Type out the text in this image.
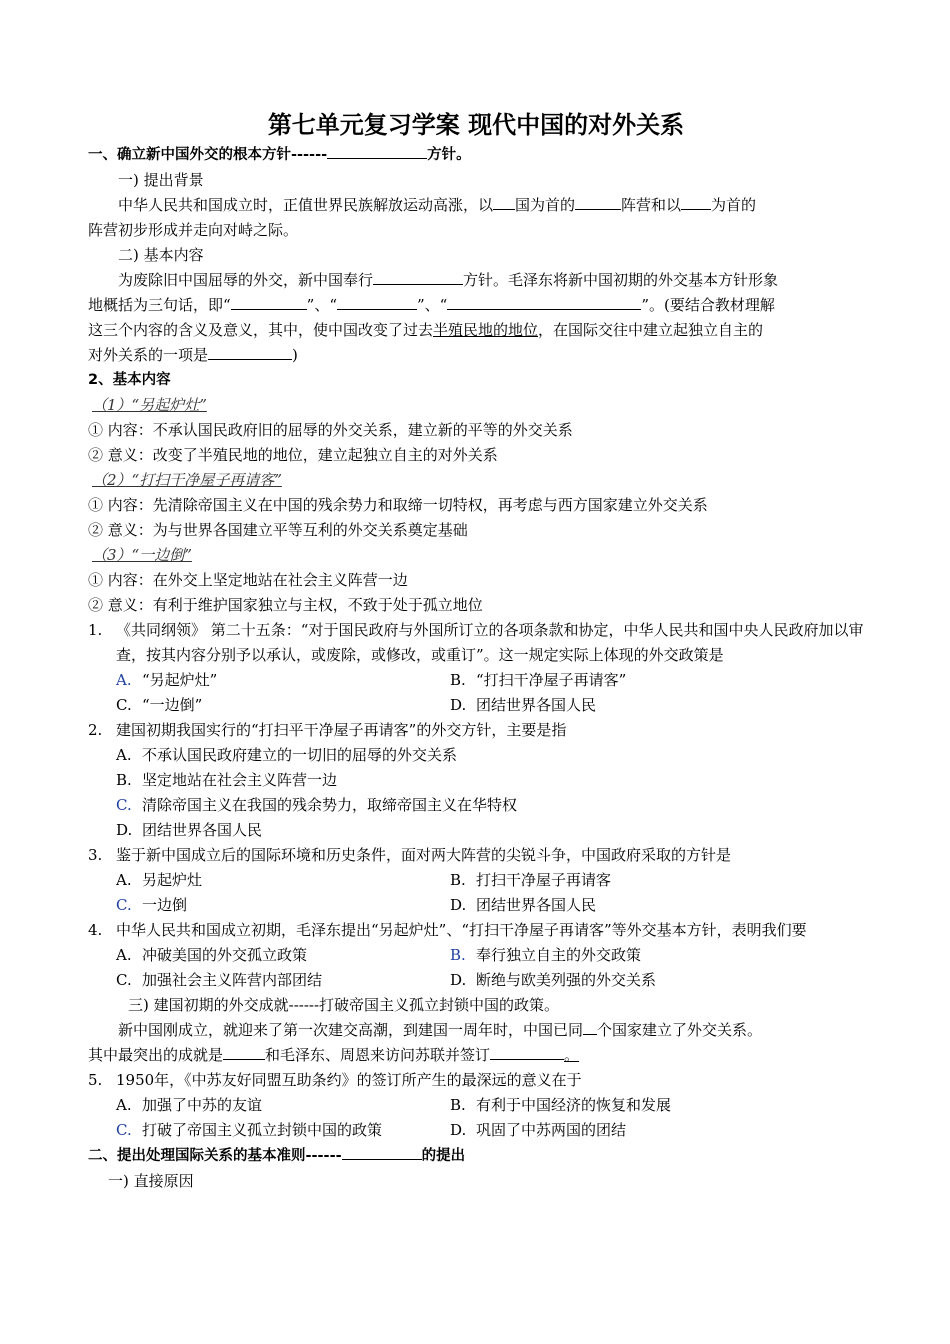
第七单元复习学案 现代中国的对外关系
一、确立新中国外交的根本方针------	方针。
一) 提出背景
中华人民共和国成立时，正值世界民族解放运动高涨，以 国为首的	阵营和以 为首的
阵营初步形成并走向对峙之际。
二) 基本内容
为废除旧中国屈辱的外交，新中国奉行	方针。毛泽东将新中国初期的外交基本方针形象
地概括为三句话，即“	”、“	”、“	”。(要结合教材理解
这三个内容的含义及意义，其中，使中国改变了过去半殖民地的地位，在国际交往中建立起独立自主的
对外关系的一项是	)
2、基本内容
（1）“另起炉灶”
① 内容：不承认国民政府旧的屈辱的外交关系，建立新的平等的外交关系
② 意义：改变了半殖民地的地位，建立起独立自主的对外关系
（2）“打扫干净屋子再请客”
① 内容：先清除帝国主义在中国的残余势力和取缔一切特权，再考虑与西方国家建立外交关系
② 意义：为与世界各国建立平等互利的外交关系奠定基础
（3）“一边倒”
① 内容：在外交上坚定地站在社会主义阵营一边
② 意义：有利于维护国家独立与主权，不致于处于孤立地位
1. 《共同纲领》 第二十五条：“对于国民政府与外国所订立的各项条款和协定，中华人民共和国中央人民政府加以审查，按其内容分别予以承认，或废除，或修改，或重订”。这一规定实际上体现的外交政策是
A. “另起炉灶”	B. “打扫干净屋子再请客”
C. “一边倒”	D. 团结世界各国人民
2. 建国初期我国实行的“打扫平干净屋子再请客”的外交方针，主要是指
A. 不承认国民政府建立的一切旧的屈辱的外交关系
B. 坚定地站在社会主义阵营一边
C. 清除帝国主义在我国的残余势力，取缔帝国主义在华特权
D. 团结世界各国人民
3. 鉴于新中国成立后的国际环境和历史条件，面对两大阵营的尖锐斗争，中国政府采取的方针是
A. 另起炉灶	B. 打扫干净屋子再请客
C. 一边倒	D. 团结世界各国人民
4. 中华人民共和国成立初期，毛泽东提出“另起炉灶”、“打扫干净屋子再请客”等外交基本方针，表明我们要
A. 冲破美国的外交孤立政策	B. 奉行独立自主的外交政策
C. 加强社会主义阵营内部团结	D. 断绝与欧美列强的外交关系
三) 建国初期的外交成就------打破帝国主义孤立封锁中国的政策。
新中国刚成立，就迎来了第一次建交高潮，到建国一周年时，中国已同 个国家建立了外交关系。
其中最突出的成就是	和毛泽东、周恩来访问苏联并签订	。
5. 1950年，《中苏友好同盟互助条约》的签订所产生的最深远的意义在于
A. 加强了中苏的友谊	B. 有利于中国经济的恢复和发展
C. 打破了帝国主义孤立封锁中国的政策	D. 巩固了中苏两国的团结
二、提出处理国际关系的基本准则------	的提出
一) 直接原因
